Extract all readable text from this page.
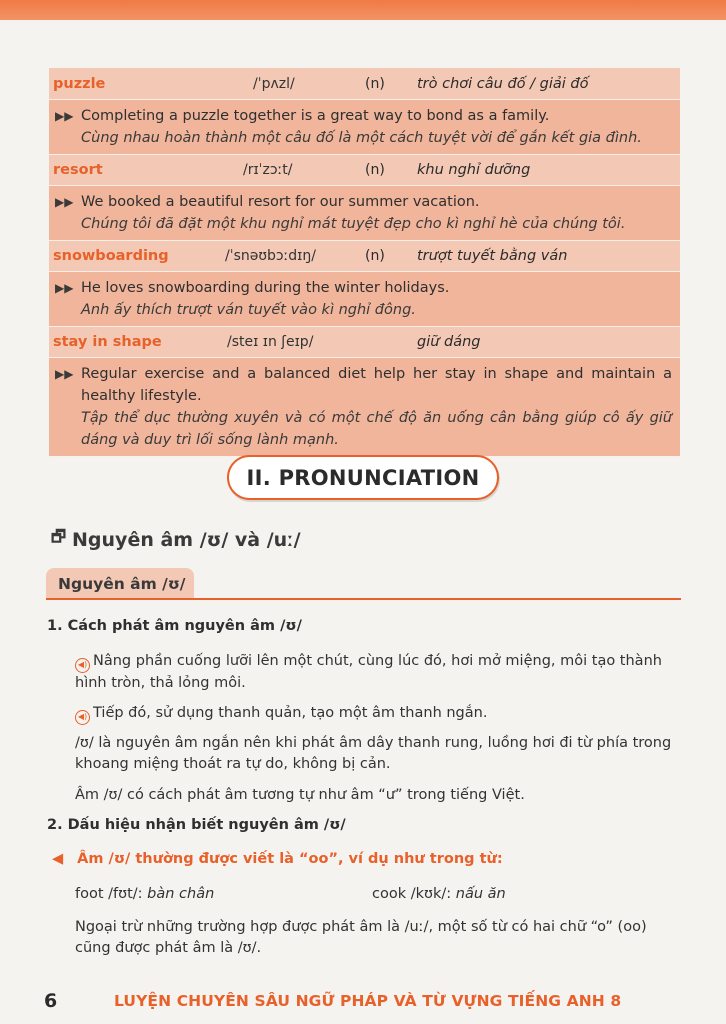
puzzle	/ˈpʌzl/	(n) trò chơi câu đố / giải đố
▶▶ Completing a puzzle together is a great way to bond as a family.
Cùng nhau hoàn thành một câu đố là một cách tuyệt vời để gắn kết gia đình.
resort	/rɪˈzɔːt/	(n) khu nghỉ dưỡng
▶▶ We booked a beautiful resort for our summer vacation.
Chúng tôi đã đặt một khu nghỉ mát tuyệt đẹp cho kì nghỉ hè của chúng tôi.
snowboarding	/ˈsnəʊbɔːdɪŋ/	(n) trượt tuyết bằng ván
▶▶ He loves snowboarding during the winter holidays.
Anh ấy thích trượt ván tuyết vào kì nghỉ đông.
stay in shape	/steɪ ɪn ʃeɪp/	giữ dáng
▶▶ Regular exercise and a balanced diet help her stay in shape and maintain a healthy lifestyle.
Tập thể dục thường xuyên và có một chế độ ăn uống cân bằng giúp cô ấy giữ dáng và duy trì lối sống lành mạnh.
II. PRONUNCIATION
🗗 Nguyên âm /ʊ/ và /uː/
Nguyên âm /ʊ/
1. Cách phát âm nguyên âm /ʊ/
◀) Nâng phần cuống lưỡi lên một chút, cùng lúc đó, hơi mở miệng, môi tạo thành hình tròn, thả lỏng môi.
◀) Tiếp đó, sử dụng thanh quản, tạo một âm thanh ngắn.
/ʊ/ là nguyên âm ngắn nên khi phát âm dây thanh rung, luồng hơi đi từ phía trong khoang miệng thoát ra tự do, không bị cản.
Âm /ʊ/ có cách phát âm tương tự như âm “ư” trong tiếng Việt.
2. Dấu hiệu nhận biết nguyên âm /ʊ/
◀ Âm /ʊ/ thường được viết là “oo”, ví dụ như trong từ:
foot /fʊt/: bàn chân	cook /kʊk/: nấu ăn
Ngoại trừ những trường hợp được phát âm là /uː/, một số từ có hai chữ “o” (oo) cũng được phát âm là /ʊ/.
6	LUYỆN CHUYÊN SÂU NGỮ PHÁP VÀ TỪ VỰNG TIẾNG ANH 8
